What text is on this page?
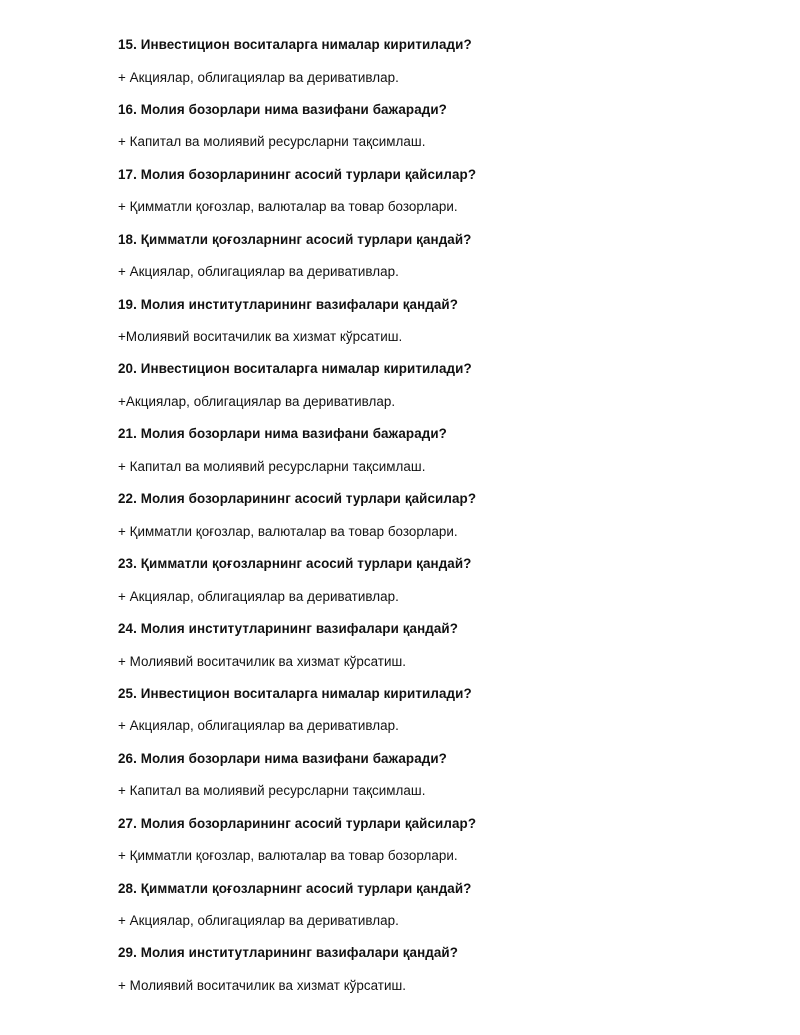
15. Инвестицион воситаларга нималар киритилади?

+ Акциялар, облигациялар ва деривативлар.

16. Молия бозорлари нима вазифани бажаради?

+ Капитал ва молиявий ресурсларни тақсимлаш.

17. Молия бозорларининг асосий турлари қайсилар?

+ Қимматли қоғозлар, валюталар ва товар бозорлари.

18. Қимматли қоғозларнинг асосий турлари қандай?

+ Акциялар, облигациялар ва деривативлар.

19. Молия институтларининг вазифалари қандай?

+Молиявий воситачилик ва хизмат кўрсатиш.

20. Инвестицион воситаларга нималар киритилади?

+Акциялар, облигациялар ва деривативлар.

21. Молия бозорлари нима вазифани бажаради?

+ Капитал ва молиявий ресурсларни тақсимлаш.

22. Молия бозорларининг асосий турлари қайсилар?

+ Қимматли қоғозлар, валюталар ва товар бозорлари.

23. Қимматли қоғозларнинг асосий турлари қандай?

+ Акциялар, облигациялар ва деривативлар.

24. Молия институтларининг вазифалари қандай?

+ Молиявий воситачилик ва хизмат кўрсатиш.

25. Инвестицион воситаларга нималар киритилади?

+ Акциялар, облигациялар ва деривативлар.

26. Молия бозорлари нима вазифани бажаради?

+ Капитал ва молиявий ресурсларни тақсимлаш.

27. Молия бозорларининг асосий турлари қайсилар?

+ Қимматли қоғозлар, валюталар ва товар бозорлари.

28. Қимматли қоғозларнинг асосий турлари қандай?

+ Акциялар, облигациялар ва деривативлар.

29. Молия институтларининг вазифалари қандай?

+ Молиявий воситачилик ва хизмат кўрсатиш.
